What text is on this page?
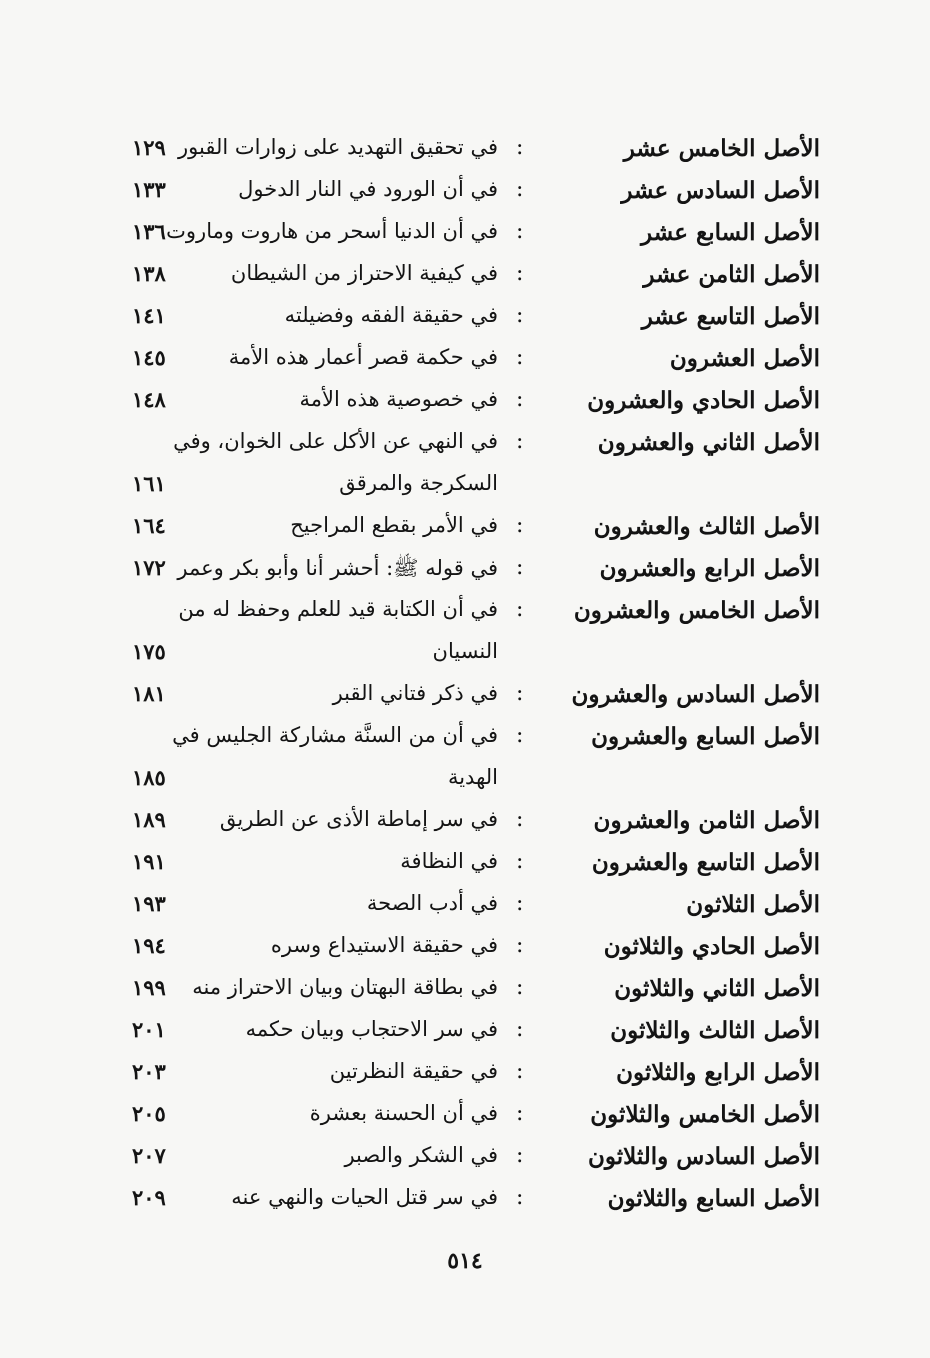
الأصل الخامس عشر
:
في تحقيق التهديد على زوارات القبور
١٢٩
الأصل السادس عشر
:
في أن الورود في النار الدخول
١٣٣
الأصل السابع عشر
:
في أن الدنيا أسحر من هاروت وماروت
١٣٦
الأصل الثامن عشر
:
في كيفية الاحتراز من الشيطان
١٣٨
الأصل التاسع عشر
:
في حقيقة الفقه وفضيلته
١٤١
الأصل العشرون
:
في حكمة قصر أعمار هذه الأمة
١٤٥
الأصل الحادي والعشرون
:
في خصوصية هذه الأمة
١٤٨
الأصل الثاني والعشرون
:
في النهي عن الأكل على الخوان، وفي
السكرجة والمرقق
١٦١
الأصل الثالث والعشرون
:
في الأمر بقطع المراجيح
١٦٤
الأصل الرابع والعشرون
:
في قوله ﷺ: أحشر أنا وأبو بكر وعمر
١٧٢
الأصل الخامس والعشرون
:
في أن الكتابة قيد للعلم وحفظ له من
النسيان
١٧٥
الأصل السادس والعشرون
:
في ذكر فتاني القبر
١٨١
الأصل السابع والعشرون
:
في أن من السنَّة مشاركة الجليس في
الهدية
١٨٥
الأصل الثامن والعشرون
:
في سر إماطة الأذى عن الطريق
١٨٩
الأصل التاسع والعشرون
:
في النظافة
١٩١
الأصل الثلاثون
:
في أدب الصحة
١٩٣
الأصل الحادي والثلاثون
:
في حقيقة الاستيداع وسره
١٩٤
الأصل الثاني والثلاثون
:
في بطاقة البهتان وبيان الاحتراز منه
١٩٩
الأصل الثالث والثلاثون
:
في سر الاحتجاب وبيان حكمه
٢٠١
الأصل الرابع والثلاثون
:
في حقيقة النظرتين
٢٠٣
الأصل الخامس والثلاثون
:
في أن الحسنة بعشرة
٢٠٥
الأصل السادس والثلاثون
:
في الشكر والصبر
٢٠٧
الأصل السابع والثلاثون
:
في سر قتل الحيات والنهي عنه
٢٠٩
٥١٤
